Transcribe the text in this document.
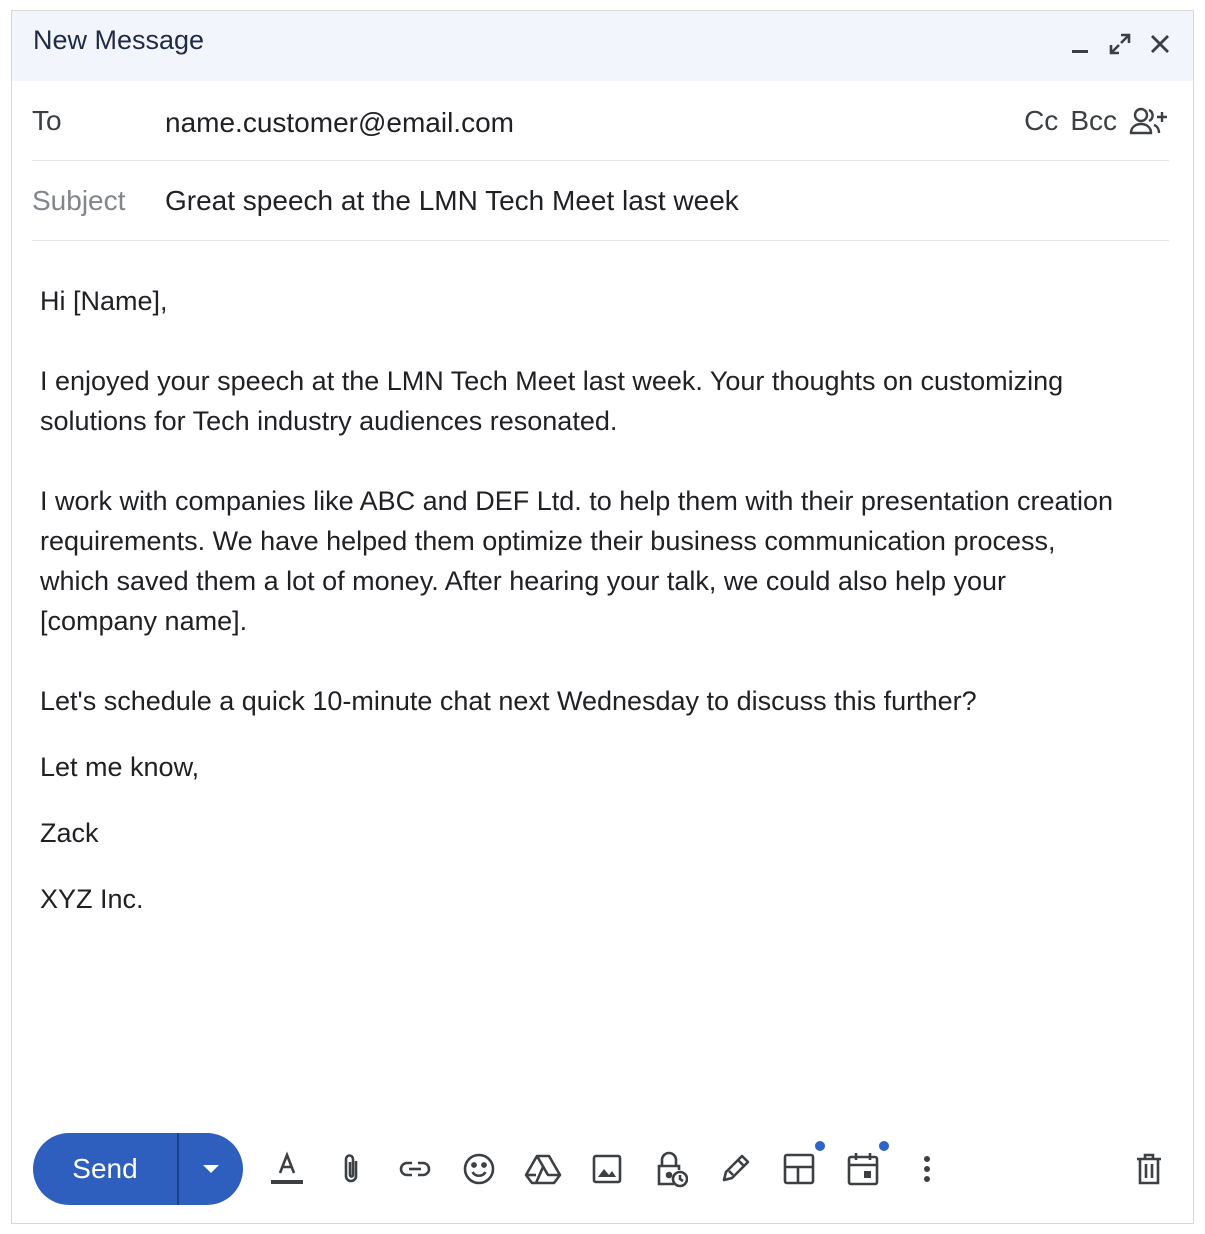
New Message
To	name.customer@email.com	Cc Bcc
Subject Great speech at the LMN Tech Meet last week

Hi [Name],

I enjoyed your speech at the LMN Tech Meet last week. Your thoughts on customizing solutions for Tech industry audiences resonated.

I work with companies like ABC and DEF Ltd. to help them with their presentation creation requirements. We have helped them optimize their business communication process, which saved them a lot of money. After hearing your talk, we could also help your [company name].

Let's schedule a quick 10-minute chat next Wednesday to discuss this further?

Let me know,

Zack

XYZ Inc.

Send
